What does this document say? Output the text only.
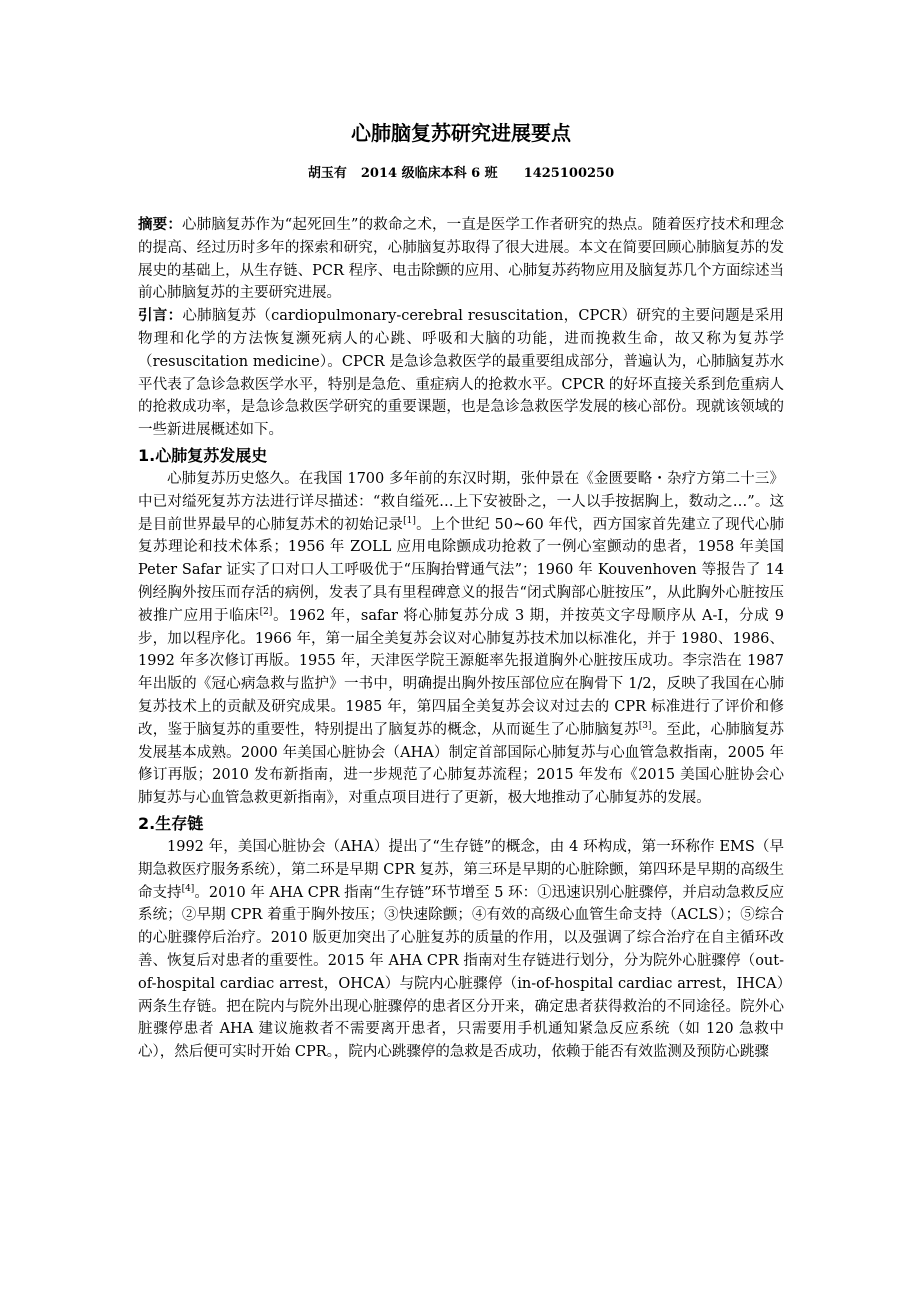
心肺脑复苏研究进展要点
胡玉有 2014 级临床本科 6 班 1425100250

摘要：心肺脑复苏作为“起死回生”的救命之术，一直是医学工作者研究的热点。随着医疗技术和理念的提高、经过历时多年的探索和研究，心肺脑复苏取得了很大进展。本文在简要回顾心肺脑复苏的发展史的基础上，从生存链、PCR 程序、电击除颤的应用、心肺复苏药物应用及脑复苏几个方面综述当前心肺脑复苏的主要研究进展。

引言：心肺脑复苏（cardiopulmonary-cerebral resuscitation，CPCR）研究的主要问题是采用物理和化学的方法恢复濒死病人的心跳、呼吸和大脑的功能，进而挽救生命，故又称为复苏学（resuscitation medicine）。CPCR 是急诊急救医学的最重要组成部分，普遍认为，心肺脑复苏水平代表了急诊急救医学水平，特别是急危、重症病人的抢救水平。CPCR 的好坏直接关系到危重病人的抢救成功率，是急诊急救医学研究的重要课题，也是急诊急救医学发展的核心部份。现就该领域的一些新进展概述如下。

1.心肺复苏发展史

心肺复苏历史悠久。在我国 1700 多年前的东汉时期，张仲景在《金匮要略・杂疗方第二十三》中已对缢死复苏方法进行详尽描述：“救自缢死…上下安被卧之，一人以手按据胸上，数动之…”。这是目前世界最早的心肺复苏术的初始记录[1]。上个世纪 50~60 年代，西方国家首先建立了现代心肺复苏理论和技术体系；1956 年 ZOLL 应用电除颤成功抢救了一例心室颤动的患者，1958 年美国 Peter Safar 证实了口对口人工呼吸优于“压胸抬臂通气法”；1960 年 Kouvenhoven 等报告了 14 例经胸外按压而存活的病例，发表了具有里程碑意义的报告“闭式胸部心脏按压”，从此胸外心脏按压被推广应用于临床[2]。1962 年，safar 将心肺复苏分成 3 期，并按英文字母顺序从 A-I，分成 9 步，加以程序化。1966 年，第一届全美复苏会议对心肺复苏技术加以标准化，并于 1980、1986、1992 年多次修订再版。1955 年，天津医学院王源艇率先报道胸外心脏按压成功。李宗浩在 1987 年出版的《冠心病急救与监护》一书中，明确提出胸外按压部位应在胸骨下 1/2，反映了我国在心肺复苏技术上的贡献及研究成果。1985 年，第四届全美复苏会议对过去的 CPR 标准进行了评价和修改，鉴于脑复苏的重要性，特别提出了脑复苏的概念，从而诞生了心肺脑复苏[3]。至此，心肺脑复苏发展基本成熟。2000 年美国心脏协会（AHA）制定首部国际心肺复苏与心血管急救指南，2005 年修订再版；2010 发布新指南，进一步规范了心肺复苏流程；2015 年发布《2015 美国心脏协会心肺复苏与心血管急救更新指南》，对重点项目进行了更新，极大地推动了心肺复苏的发展。

2.生存链

1992 年，美国心脏协会（AHA）提出了“生存链”的概念，由 4 环构成，第一环称作 EMS（早期急救医疗服务系统），第二环是早期 CPR 复苏，第三环是早期的心脏除颤，第四环是早期的高级生命支持[4]。2010 年 AHA CPR 指南“生存链”环节增至 5 环：①迅速识别心脏骤停，并启动急救反应系统；②早期 CPR 着重于胸外按压；③快速除颤；④有效的高级心血管生命支持（ACLS）；⑤综合的心脏骤停后治疗。2010 版更加突出了心脏复苏的质量的作用，以及强调了综合治疗在自主循环改善、恢复后对患者的重要性。2015 年 AHA CPR 指南对生存链进行划分，分为院外心脏骤停（out-of-hospital cardiac arrest，OHCA）与院内心脏骤停（in-of-hospital cardiac arrest，IHCA）两条生存链。把在院内与院外出现心脏骤停的患者区分开来，确定患者获得救治的不同途径。院外心脏骤停患者 AHA 建议施救者不需要离开患者，只需要用手机通知紧急反应系统（如 120 急救中心），然后便可实时开始 CPR。，院内心跳骤停的急救是否成功，依赖于能否有效监测及预防心跳骤
